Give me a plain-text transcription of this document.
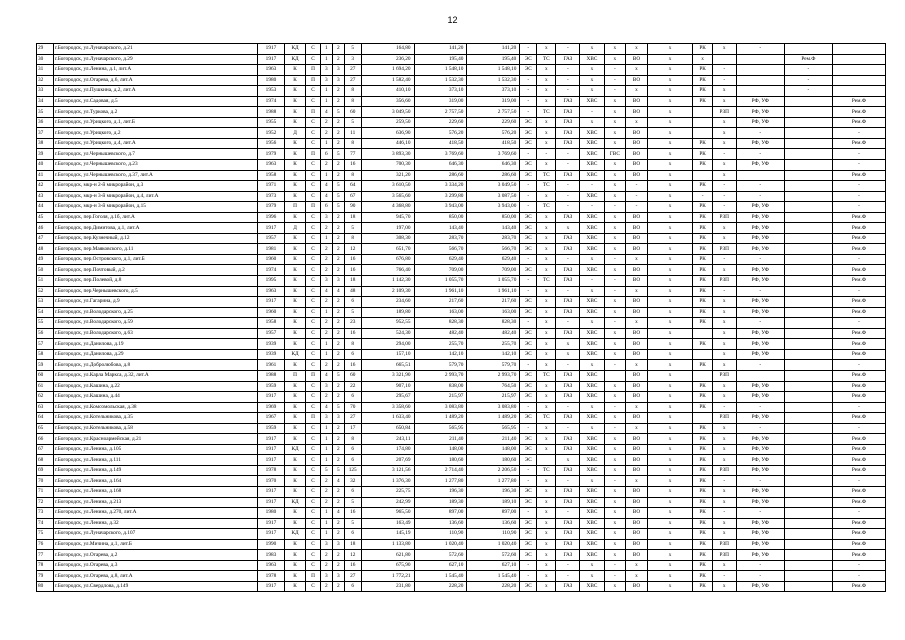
12
29	г.Богородск, ул.Луначарского, д.21	1917	КД	С	1	2	5	164,80	141,20	141,20	-	х	-	х	х	х	х	РК	х	-		
30	г.Богородск, ул.Луначарского, д.29	1917	КД	С	1	2	3	236,20	195,40	195,40	ЭС	ТС	ГАЗ	ХВС	х	ВО	х	х			Рем.Ф	
31	г.Богородск, ул.Ленина, д.1, лит.А	1963	К	П	3	3	27	1 694,20	1 548,10	1 548,10	ЭС	х	-	х	-	х	х	РК	-		-	
32	г.Богородск, ул.Огарева, д.6, лит.А	1980	К	П	3	3	27	1 582,40	1 532,30	1 532,30	-	х	-	х	-	ВО	х	РК	-		-	
33	г.Богородск, ул.Пушкина, д.2, лит.А	1953	К	С	1	2	8	410,10	373,10	373,10	-	х	-	х	-	х	х	РК	х		-	
34	г.Богородск, ул.Садовая, д.5	1974	К	С	1	2	8	356,60	319,00	319,00	-	х	ГАЗ	ХВС	х	ВО	х	РК	х	РФ, УФ		Рем.Ф
35	г.Богородск, ул.Туркова, д.2	1988	К	П	4	5	60	3 049,50	2 757,50	2 757,50	-	ТС	ГАЗ	-	х	ВО	х		РЗП	РФ, УФ		Рем.Ф
36	г.Богородск, ул.Урицкого, д.1, лит.Б	1955	К	С	2	2	5	259,50	229,60	229,60	ЭС	х	ГАЗ	х	х	х	х		х	РФ, УФ		Рем.Ф
37	г.Богородск, ул.Урицкого, д.2	1952	Д	С	2	2	11	636,90	576,20	576,20	ЭС	х	ГАЗ	ХВС	х	ВО	х		х	-		-
38	г.Богородск, ул.Урицкого, д.4, лит.А	1956	К	С	1	2	8	446,10	418,50	418,50	ЭС	х	ГАЗ	ХВС	х	ВО	х	РК	х	РФ, УФ		Рем.Ф
39	г.Богородск, ул.Чернышевского, д.7	1979	К	П	6	5	77	3 893,30	3 769,60	3 769,60	-	-	-	ХВС	ГВС	ВО	х	РК	-	-		-
40	г.Богородск, ул.Чернышевского, д.23	1963	К	С	2	2	16	700,30	646,30	646,30	ЭС	х	-	ХВС	х	ВО	х	РК	х	РФ, УФ		-
41	г.Богородск, ул.Чернышевского, д.37, лит.А	1958	К	С	1	2	8	321,20	286,60	286,60	ЭС	ТС	ГАЗ	ХВС	х	ВО	х		х			Рем.Ф
42	г.Богородск, мкр-н 2-й микрорайон, д.3	1971	К	С	4	5	64	3 610,50	3 334,20	3 049,50	-	ТС	-	-	х	-	х	РК	-	-		-
43	г.Богородск, мкр-н 3-й микрорайон, д.4, лит.А	1973	К	С	4	5	67	3 565,60	3 299,80	3 087,50	-	х	-	ХВС	х	-	х	-	-	-		-
44	г.Богородск, мкр-н 3-й микрорайон, д.15	1979	П	П	6	5	90	4 368,80	3 943,00	3 943,00	-	ТС	-	-	-	-	х	РК	-	РФ, УФ		-
45	г.Богородск, пер.Гоголя, д.1б, лит.А	1996	К	С	3	2	18	945,70	850,00	850,00	ЭС	х	ГАЗ	ХВС	х	ВО	х	РК	РЗП	РФ, УФ		Рем.Ф
46	г.Богородск, пер.Димитова, д.1, лит.А	1917	Д	С	2	2	5	197,00	143,40	143,40	ЭС	х	х	ХВС	х	ВО	х	РК	х	РФ, УФ		Рем.Ф
47	г.Богородск, пер.Кузнечный, д.12	1957	К	С	1	2	8	308,30	283,70	283,70	ЭС	х	ГАЗ	ХВС	х	ВО	х	РК	х	РФ, УФ		Рем.Ф
48	г.Богородск, пер.Маяковского, д.11	1981	К	С	2	2	12	651,70	566,70	566,70	ЭС	х	ГАЗ	ХВС	х	ВО	х	РК	РЗП	РФ, УФ		Рем.Ф
49	г.Богородск, пер.Островского, д.1, лит.Б	1960	К	С	2	2	16	676,80	629,40	629,40	-	х	-	х	-	х	х	РК	-	-		-
50	г.Богородск, пер.Почтовый, д.2	1974	К	С	2	2	16	766,40	709,00	709,00	ЭС	х	ГАЗ	ХВС	х	ВО	х	РК	х	РФ, УФ		Рем.Ф
51	г.Богородск, пер.Полевой, д.8	1995	К	С	3	3	18	1 142,30	1 055,70	1 055,70	-	ТС	ГАЗ	-	-	ВО	х	РК	РЗП	РФ, УФ		Рем.Ф
52	г.Богородск, пер.Чернышевского, д.5	1963	К	С	4	4	48	2 109,30	1 961,10	1 961,10	-	х	-	х	-	х	х	РК	-	-		-
53	г.Богородск, ул.Гагарина, д.9	1917	К	С	2	2	6	234,60	217,60	217,60	ЭС	х	ГАЗ	ХВС	х	ВО	х	РК	х	РФ, УФ		Рем.Ф
54	г.Богородск, ул.Володарского, д.25	1960	К	С	1	2	5	189,80	163,00	163,00	ЭС	х	ГАЗ	ХВС	х	ВО	х	РК	х	РФ, УФ		Рем.Ф
55	г.Богородск, ул.Володарского, д.59	1958	К	С	2	2	23	952,55	828,30	828,30	-	х	-	х	-	х	х	РК	х	-		-
56	г.Богородск, ул.Володарского, д.63	1957	К	С	2	2	16	524,30	482,40	482,40	ЭС	х	ГАЗ	ХВС	х	ВО	х		х	РФ, УФ		Рем.Ф
57	г.Богородск, ул.Данилова, д.19	1939	К	С	1	2	8	294,00	255,70	255,70	ЭС	х	х	ХВС	х	ВО	х	РК	х	РФ, УФ		Рем.Ф
58	г.Богородск, ул.Данилова, д.29	1939	КД	С	1	2	6	157,10	142,10	142,10	ЭС	х	х	ХВС	х	ВО	х		х	РФ, УФ		Рем.Ф
59	г.Богородск, ул.Добролюбова, д.8	1961	К	С	2	2	16	665,51	579,70	579,70	-	х	-	х	-	х	х	РК	х	-		-
60	г.Богородск, ул.Карла Маркса, д.32, лит.А	1988	П	П	4	5	60	3 321,90	2 993,70	2 993,70	ЭС	ТС	ГАЗ	ХВС		ВО	х		РЗП			Рем.Ф
61	г.Богородск, ул.Кашина, д.22	1959	К	С	3	2	22	907,10	838,00	764,50	ЭС	х	ГАЗ	ХВС	х	ВО	х	РК	х	РФ, УФ		Рем.Ф
62	г.Богородск, ул.Кашина, д.44	1917	К	С	2	2	6	295,67	215,97	215,97	ЭС	х	ГАЗ	ХВС	х	ВО	х	РК	х	РФ, УФ		Рем.Ф
63	г.Богородск, ул.Комсомольская, д.38	1969	К	С	4	5	70	3 358,60	3 083,80	3 083,80	-	х	-	х	-	х	х	РК	-	-		-
64	г.Богородск, ул.Котельникова, д.35	1967	К	П	3	3	27	1 633,40	1 489,20	1 489,20	ЭС	ТС	ГАЗ	ХВС	х	ВО	х		РЗП	РФ, УФ		Рем.Ф
65	г.Богородск, ул.Котельникова, д.58	1959	К	С	1	2	17	650,84	565,95	565,95	-	х	-	х	-	х	х	РК	х	-		-
66	г.Богородск, ул.Красноармейская, д.21	1917	К	С	1	2	8	243,11	211,40	211,40	ЭС	х	ГАЗ	ХВС	х	ВО	х	РК	х	РФ, УФ		Рем.Ф
67	г.Богородск, ул.Ленина, д.105	1917	КД	С	1	2	6	174,80	148,00	148,00	ЭС	х	ГАЗ	ХВС	х	ВО	х	РК	х	РФ, УФ		Рем.Ф
68	г.Богородск, ул.Ленина, д.111	1917	К	С	1	2	6	207,69	180,60	180,60	ЭС		х	ХВС	х	ВО	х	РК	х	РФ, УФ		Рем.Ф
69	г.Богородск, ул.Ленина, д.149	1978	К	С	5	5	125	3 121,56	2 714,40	2 206,50	-	ТС	ГАЗ	ХВС	х	ВО	х	РК	РЗП	РФ, УФ		Рем.Ф
70	г.Богородск, ул.Ленина, д.164	1970	К	С	2	4	32	1 376,30	1 277,80	1 277,80	-	х	-	х	-	х	х	РК	-	-		-
71	г.Богородск, ул.Ленина, д.168	1917	К	С	2	2	6	225,75	196,30	196,30	ЭС	х	ГАЗ	ХВС	х	ВО	х	РК	х	РФ, УФ		Рем.Ф
72	г.Богородск, ул.Ленина, д.213	1917	КД	С	2	2	5	242,99	189,30	189,10	ЭС	х	ГАЗ	ХВС	х	ВО	х	РК	х	РФ, УФ		Рем.Ф
73	г.Богородск, ул.Ленина, д.270, лит.А	1980	К	С	1	4	16	965,50	897,00	897,00	-	х	-	ХВС	х	ВО	х	РК	-	-		-
74	г.Богородск, ул.Ленина, д.32	1917	К	С	1	2	5	163,49	136,60	136,60	ЭС	х	ГАЗ	ХВС	х	ВО	х	РК	х	РФ, УФ		Рем.Ф
75	г.Богородск, ул.Луначарского, д.107	1917	КД	С	1	2	6	145,19	110,90	110,90	ЭС	х	ГАЗ	ХВС	х	ВО	х	РК	х	РФ, УФ		Рем.Ф
76	г.Богородск, ул.Мичина, д.1, лит.Б	1990	К	С	3	3	18	1 133,80	1 020,40	1 020,40	ЭС	х	ГАЗ	ХВС	х	ВО	х	РК	РЗП	РФ, УФ		Рем.Ф
77	г.Богородск, ул.Огарева, д.2	1983	К	С	2	2	12	621,80	572,60	572,60	ЭС	х	ГАЗ	ХВС	х	ВО	х	РК	РЗП	РФ, УФ		Рем.Ф
78	г.Богородск, ул.Огарева, д.3	1963	К	С	2	2	16	675,90	627,10	627,10	-	х	-	х	-	х	х	РК	х	-		-
79	г.Богородск, ул.Огарева, д.8, лит.А	1978	К	П	3	3	27	1 772,21	1 545,40	1 545,40	-	х	-	х	-	х	х	РК	-	-		-
80	г.Богородск, ул.Свердлова, д.149	1917	К	С	2	2	6	231,80	228,20	228,20	ЭС	х	ГАЗ	ХВС	х	ВО	х	РК	х	РФ, УФ		Рем.Ф
